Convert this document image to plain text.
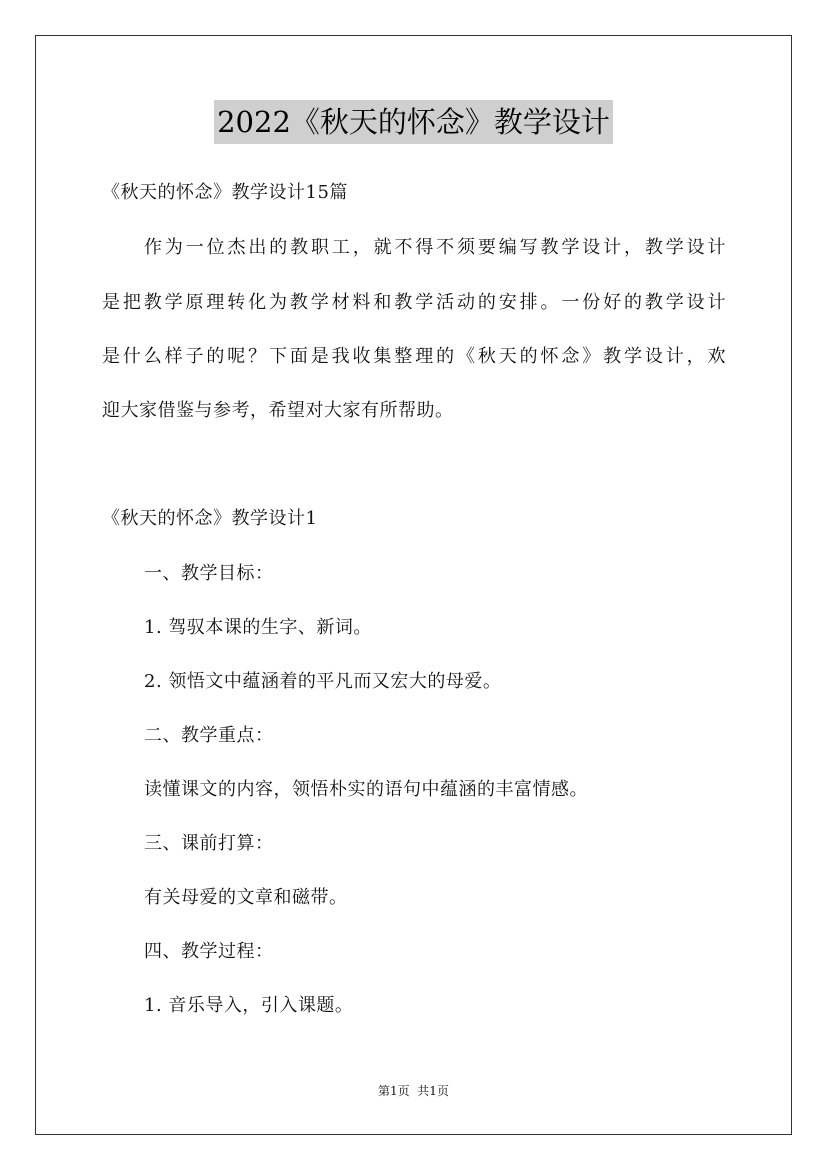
2022《秋天的怀念》教学设计
《秋天的怀念》教学设计15篇
作为一位杰出的教职工，就不得不须要编写教学设计，教学设计
是把教学原理转化为教学材料和教学活动的安排。一份好的教学设计
是什么样子的呢？下面是我收集整理的《秋天的怀念》教学设计，欢
迎大家借鉴与参考，希望对大家有所帮助。
《秋天的怀念》教学设计1
一、教学目标：
1. 驾驭本课的生字、新词。
2. 领悟文中蕴涵着的平凡而又宏大的母爱。
二、教学重点：
读懂课文的内容，领悟朴实的语句中蕴涵的丰富情感。
三、课前打算：
有关母爱的文章和磁带。
四、教学过程：
1. 音乐导入，引入课题。
第1页  共1页
